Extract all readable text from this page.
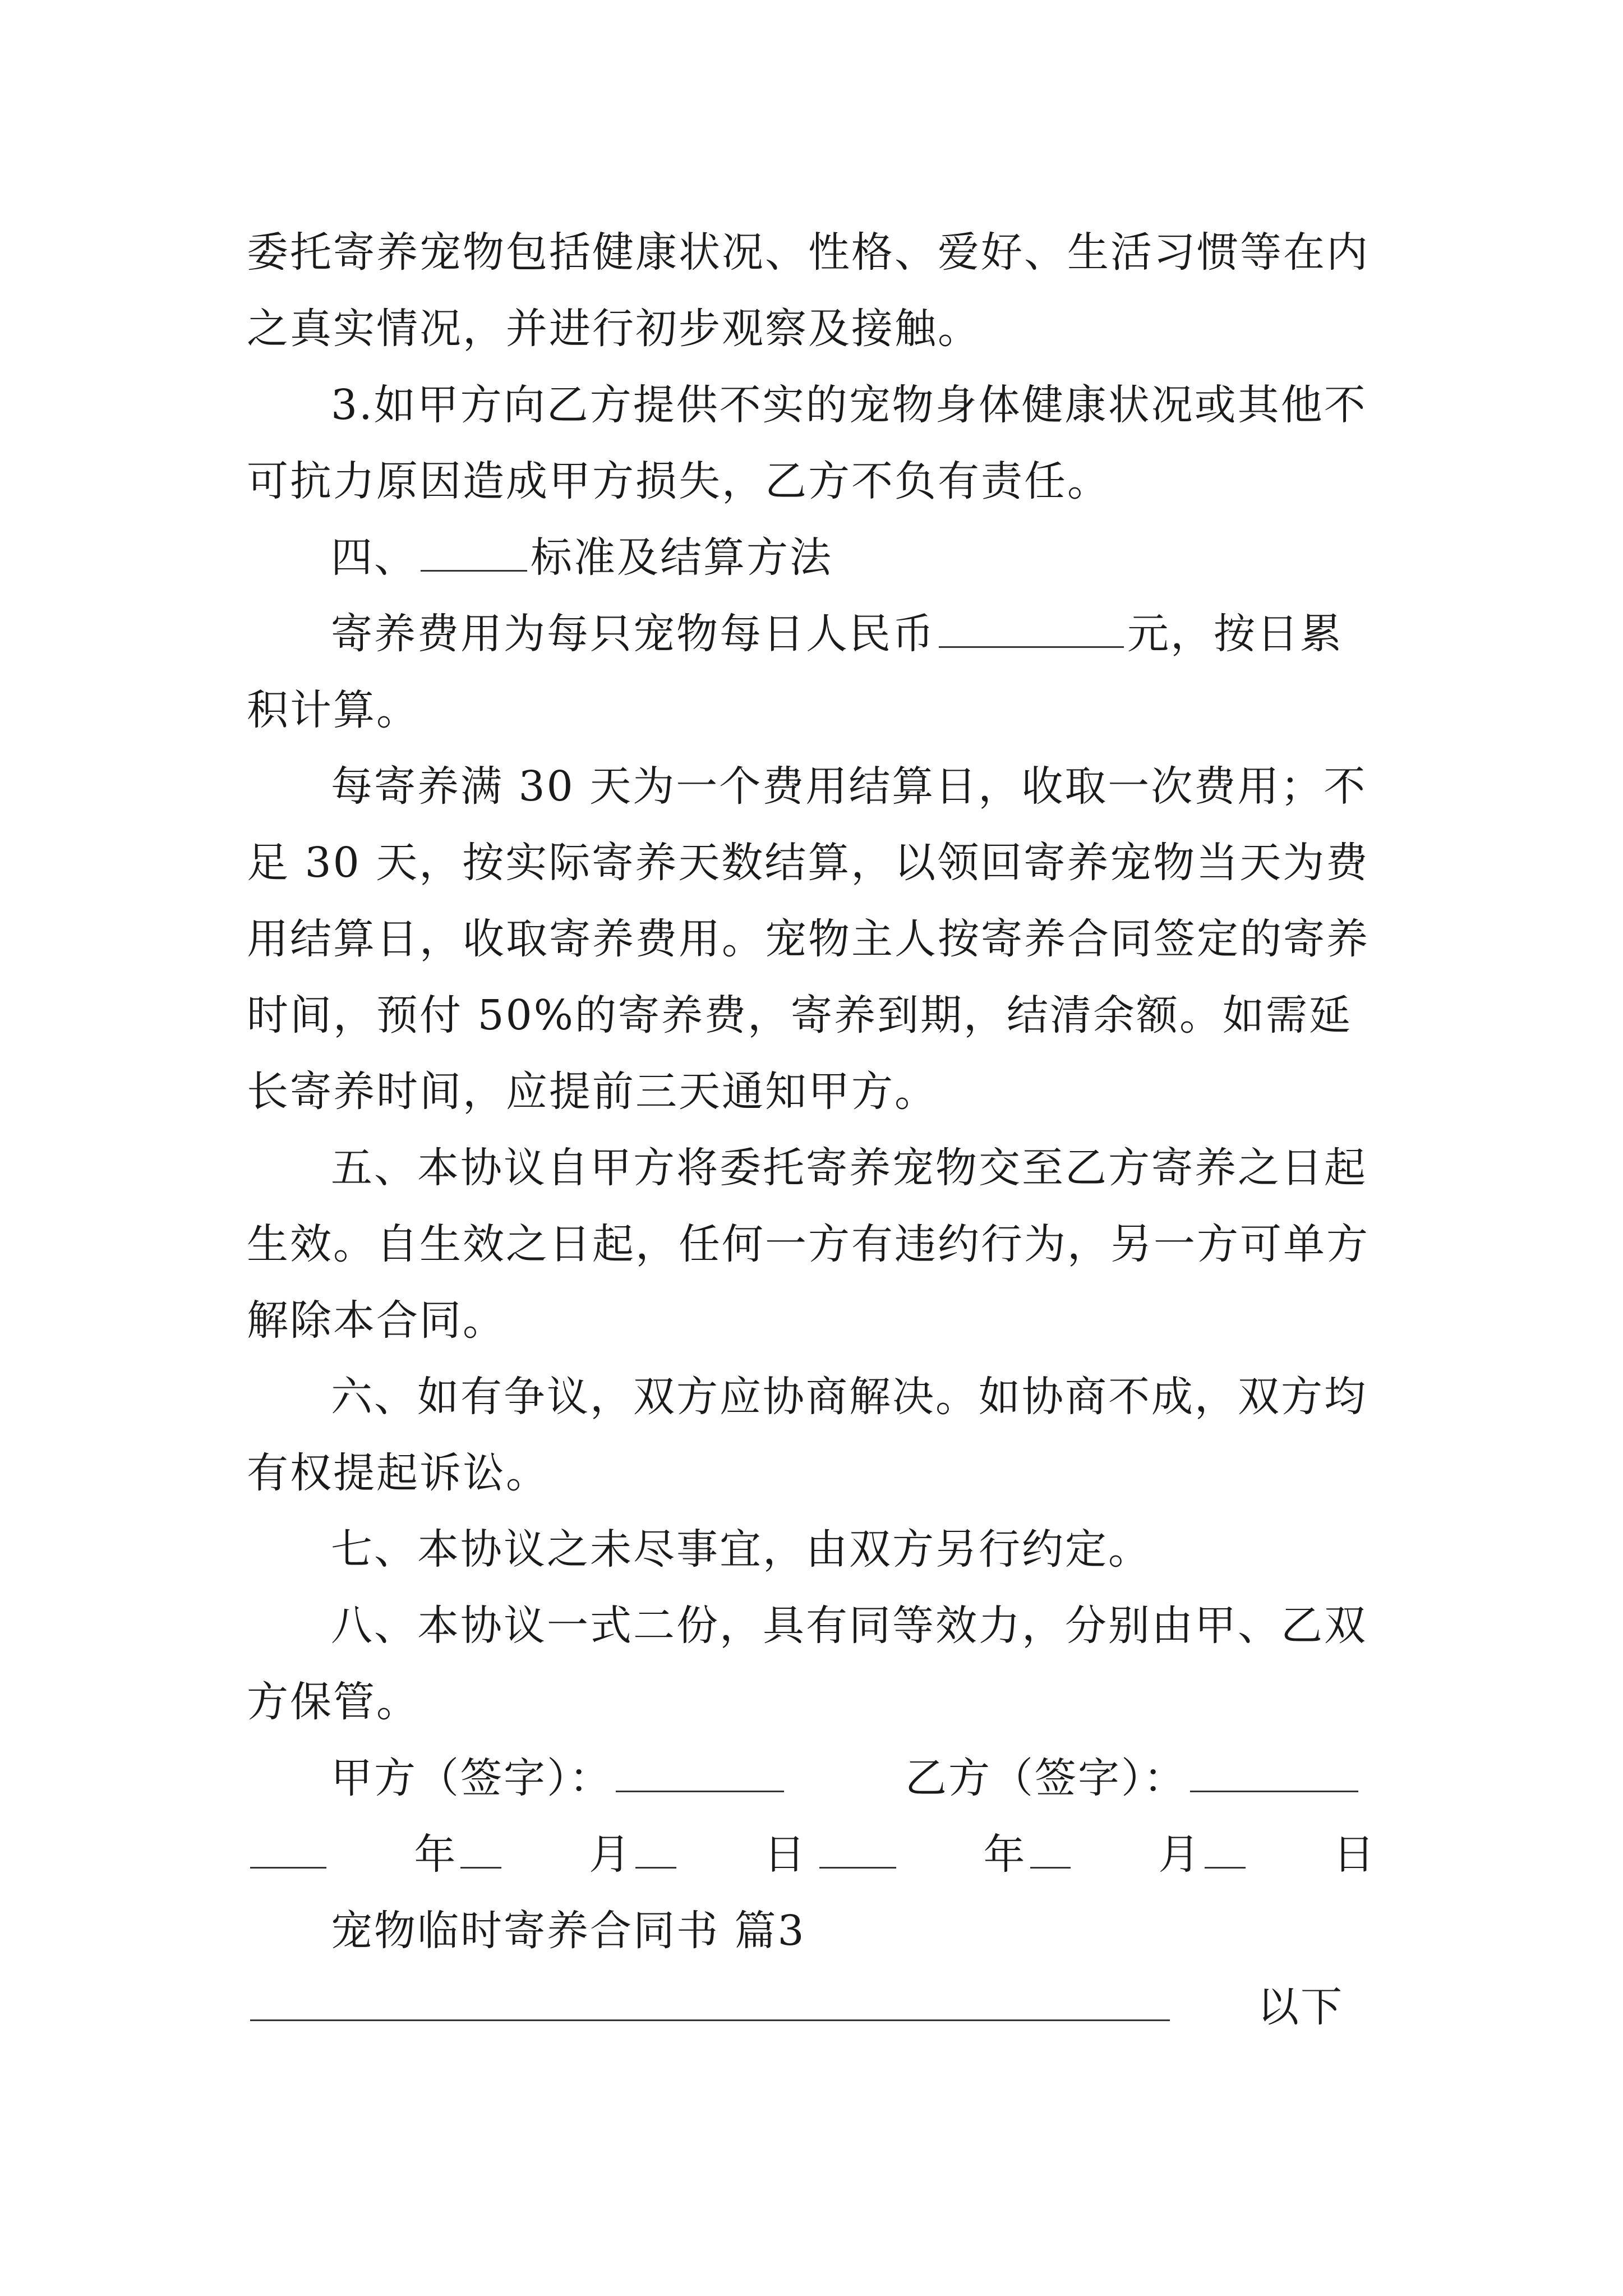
委托寄养宠物包括健康状况、性格、爱好、生活习惯等在内之真实情况，并进行初步观察及接触。

3.如甲方向乙方提供不实的宠物身体健康状况或其他不可抗力原因造成甲方损失，乙方不负有责任。

四、	标准及结算方法

寄养费用为每只宠物每日人民币	元，按日累积计算。

每寄养满 30 天为一个费用结算日，收取一次费用；不足 30 天，按实际寄养天数结算，以领回寄养宠物当天为费用结算日，收取寄养费用。宠物主人按寄养合同签定的寄养时间，预付 50%的寄养费，寄养到期，结清余额。如需延长寄养时间，应提前三天通知甲方。

五、本协议自甲方将委托寄养宠物交至乙方寄养之日起生效。自生效之日起，任何一方有违约行为，另一方可单方解除本合同。

六、如有争议，双方应协商解决。如协商不成，双方均有权提起诉讼。

七、本协议之未尽事宜，由双方另行约定。

八、本协议一式二份，具有同等效力，分别由甲、乙双方保管。

甲方（签字）：	乙方（签字）：

年	月	日	年	月	日

宠物临时寄养合同书 篇3

以下
